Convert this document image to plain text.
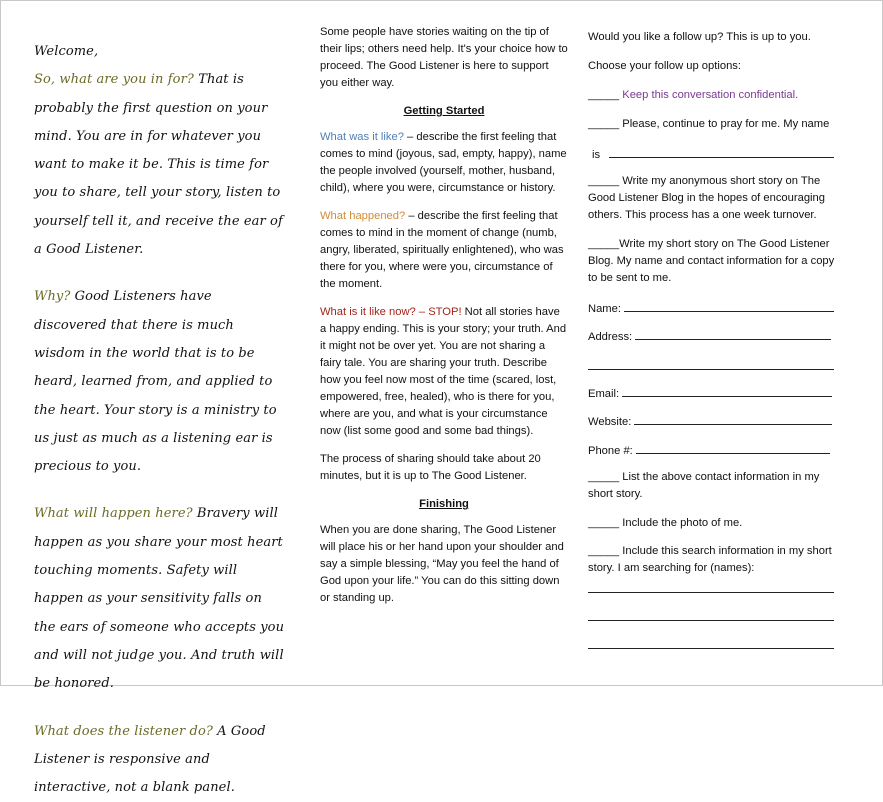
Welcome,

So, what are you in for? That is probably the first question on your mind. You are in for whatever you want to make it be. This is time for you to share, tell your story, listen to yourself tell it, and receive the ear of a Good Listener.

Why? Good Listeners have discovered that there is much wisdom in the world that is to be heard, learned from, and applied to the heart. Your story is a ministry to us just as much as a listening ear is precious to you.

What will happen here? Bravery will happen as you share your most heart touching moments. Safety will happen as your sensitivity falls on the ears of someone who accepts you and will not judge you. And truth will be honored.

What does the listener do? A Good Listener is responsive and interactive, not a blank panel.

Some people have stories waiting on the tip of their lips; others need help. It's your choice how to proceed. The Good Listener is here to support you either way.

Getting Started

What was it like? – describe the first feeling that comes to mind (joyous, sad, empty, happy), name the people involved (yourself, mother, husband, child), where you were, circumstance or history.

What happened? – describe the first feeling that comes to mind in the moment of change (numb, angry, liberated, spiritually enlightened), who was there for you, where were you, circumstance of the moment.

What is it like now? – STOP! Not all stories have a happy ending. This is your story; your truth. And it might not be over yet. You are not sharing a fairy tale. You are sharing your truth. Describe how you feel now most of the time (scared, lost, empowered, free, healed), who is there for you, where are you, and what is your circumstance now (list some good and some bad things).

The process of sharing should take about 20 minutes, but it is up to The Good Listener.

Finishing

When you are done sharing, The Good Listener will place his or her hand upon your shoulder and say a simple blessing, “May you feel the hand of God upon your life.” You can do this sitting down or standing up.

Would you like a follow up? This is up to you.
Choose your follow up options:
_____ Keep this conversation confidential.
_____ Please, continue to pray for me. My name
is
_____ Write my anonymous short story on The Good Listener Blog in the hopes of encouraging others. This process has a one week turnover.
_____Write my short story on The Good Listener Blog. My name and contact information for a copy to be sent to me.
Name:
Address:
Email:
Website:
Phone #:
_____ List the above contact information in my short story.
_____ Include the photo of me.
_____ Include this search information in my short story. I am searching for (names):
